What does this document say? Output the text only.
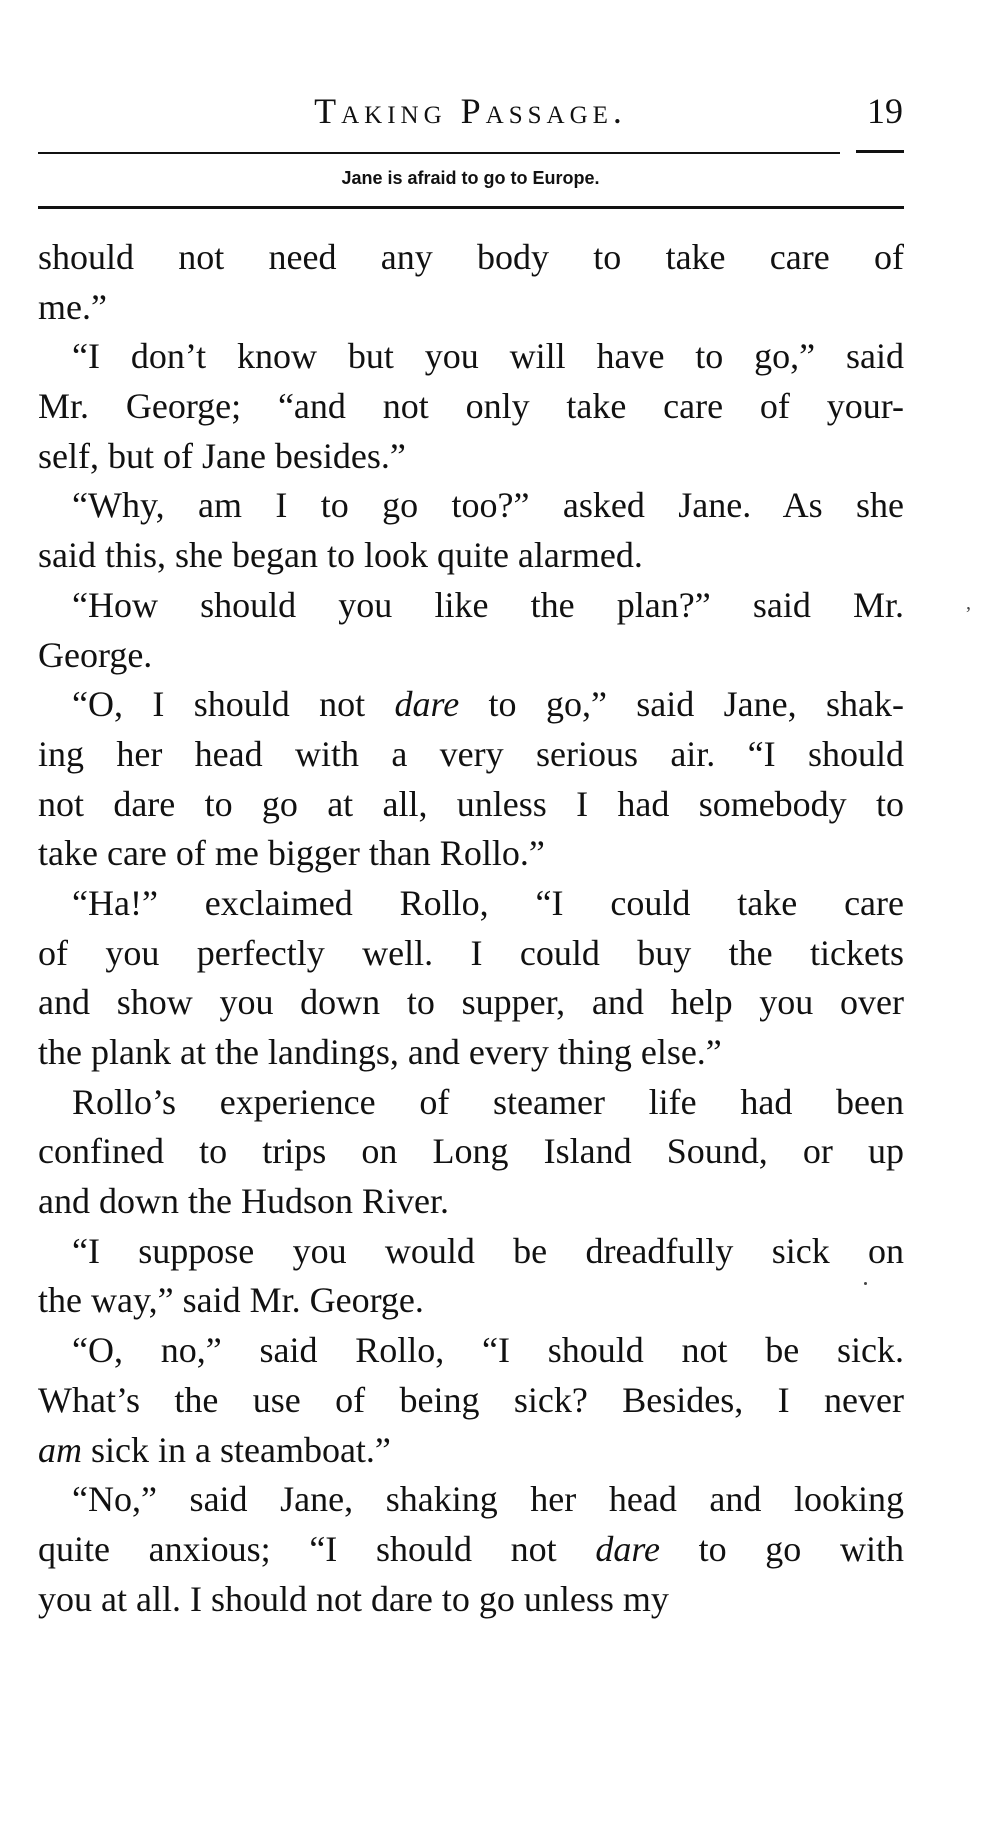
Taking Passage.	19
Jane is afraid to go to Europe.
should not need any body to take care of
me.”
“I don’t know but you will have to go,” said
Mr. George; “and not only take care of your-
self, but of Jane besides.”
“Why, am I to go too?” asked Jane. As she
said this, she began to look quite alarmed.
“How should you like the plan?” said Mr.
George.
“O, I should not dare to go,” said Jane, shak-
ing her head with a very serious air. “I should
not dare to go at all, unless I had somebody to
take care of me bigger than Rollo.”
“Ha!” exclaimed Rollo, “I could take care
of you perfectly well. I could buy the tickets
and show you down to supper, and help you over
the plank at the landings, and every thing else.”
Rollo’s experience of steamer life had been
confined to trips on Long Island Sound, or up
and down the Hudson River.
“I suppose you would be dreadfully sick on
the way,” said Mr. George.
“O, no,” said Rollo, “I should not be sick.
What’s the use of being sick? Besides, I never
am sick in a steamboat.”
“No,” said Jane, shaking her head and looking
quite anxious; “I should not dare to go with
you at all. I should not dare to go unless my
,
